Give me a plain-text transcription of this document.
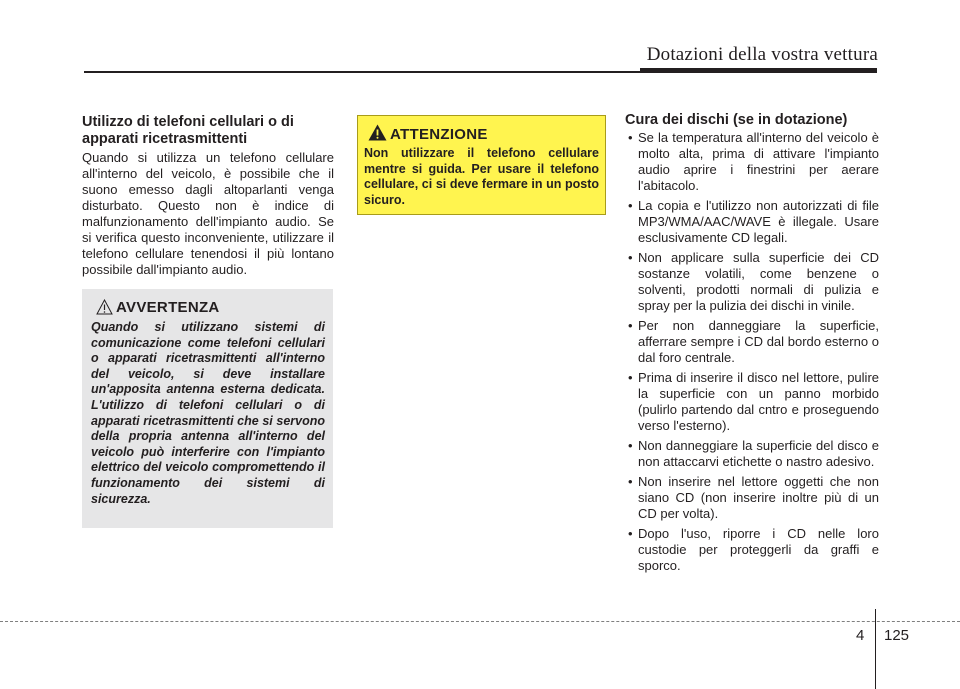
Dotazioni della vostra vettura
Utilizzo di telefoni cellulari o di apparati ricetrasmittenti

Quando si utilizza un telefono cellulare all'interno del veicolo, è possibile che il suono emesso dagli altoparlanti venga disturbato. Questo non è indice di malfunzionamento dell'impianto audio. Se si verifica questo inconveniente, utilizzare il telefono cellulare tenendosi il più lontano possibile dall'impianto audio.

AVVERTENZA

Quando si utilizzano sistemi di comunicazione come telefoni cellulari o apparati ricetrasmittenti all'interno del veicolo, si deve installare un'apposita antenna esterna dedicata. L'utilizzo di telefoni cellulari o di apparati ricetrasmittenti che si servono della propria antenna all'interno del veicolo può interferire con l'impianto elettrico del veicolo compromettendo il funzionamento dei sistemi di sicurezza.

ATTENZIONE

Non utilizzare il telefono cellulare mentre si guida. Per usare il telefono cellulare, ci si deve fermare in un posto sicuro.

Cura dei dischi (se in dotazione)
• Se la temperatura all'interno del veicolo è molto alta, prima di attivare l'impianto audio aprire i finestrini per aerare l'abitacolo.
• La copia e l'utilizzo non autorizzati di file MP3/WMA/AAC/WAVE è illegale. Usare esclusivamente CD legali.
• Non applicare sulla superficie dei CD sostanze volatili, come benzene o solventi, prodotti normali di pulizia e spray per la pulizia dei dischi in vinile.
• Per non danneggiare la superficie, afferrare sempre i CD dal bordo esterno o dal foro centrale.
• Prima di inserire il disco nel lettore, pulire la superficie con un panno morbido (pulirlo partendo dal cntro e proseguendo verso l'esterno).
• Non danneggiare la superficie del disco e non attaccarvi etichette o nastro adesivo.
• Non inserire nel lettore oggetti che non siano CD (non inserire inoltre più di un CD per volta).
• Dopo l'uso, riporre i CD nelle loro custodie per proteggerli da graffi e sporco.
4 125
